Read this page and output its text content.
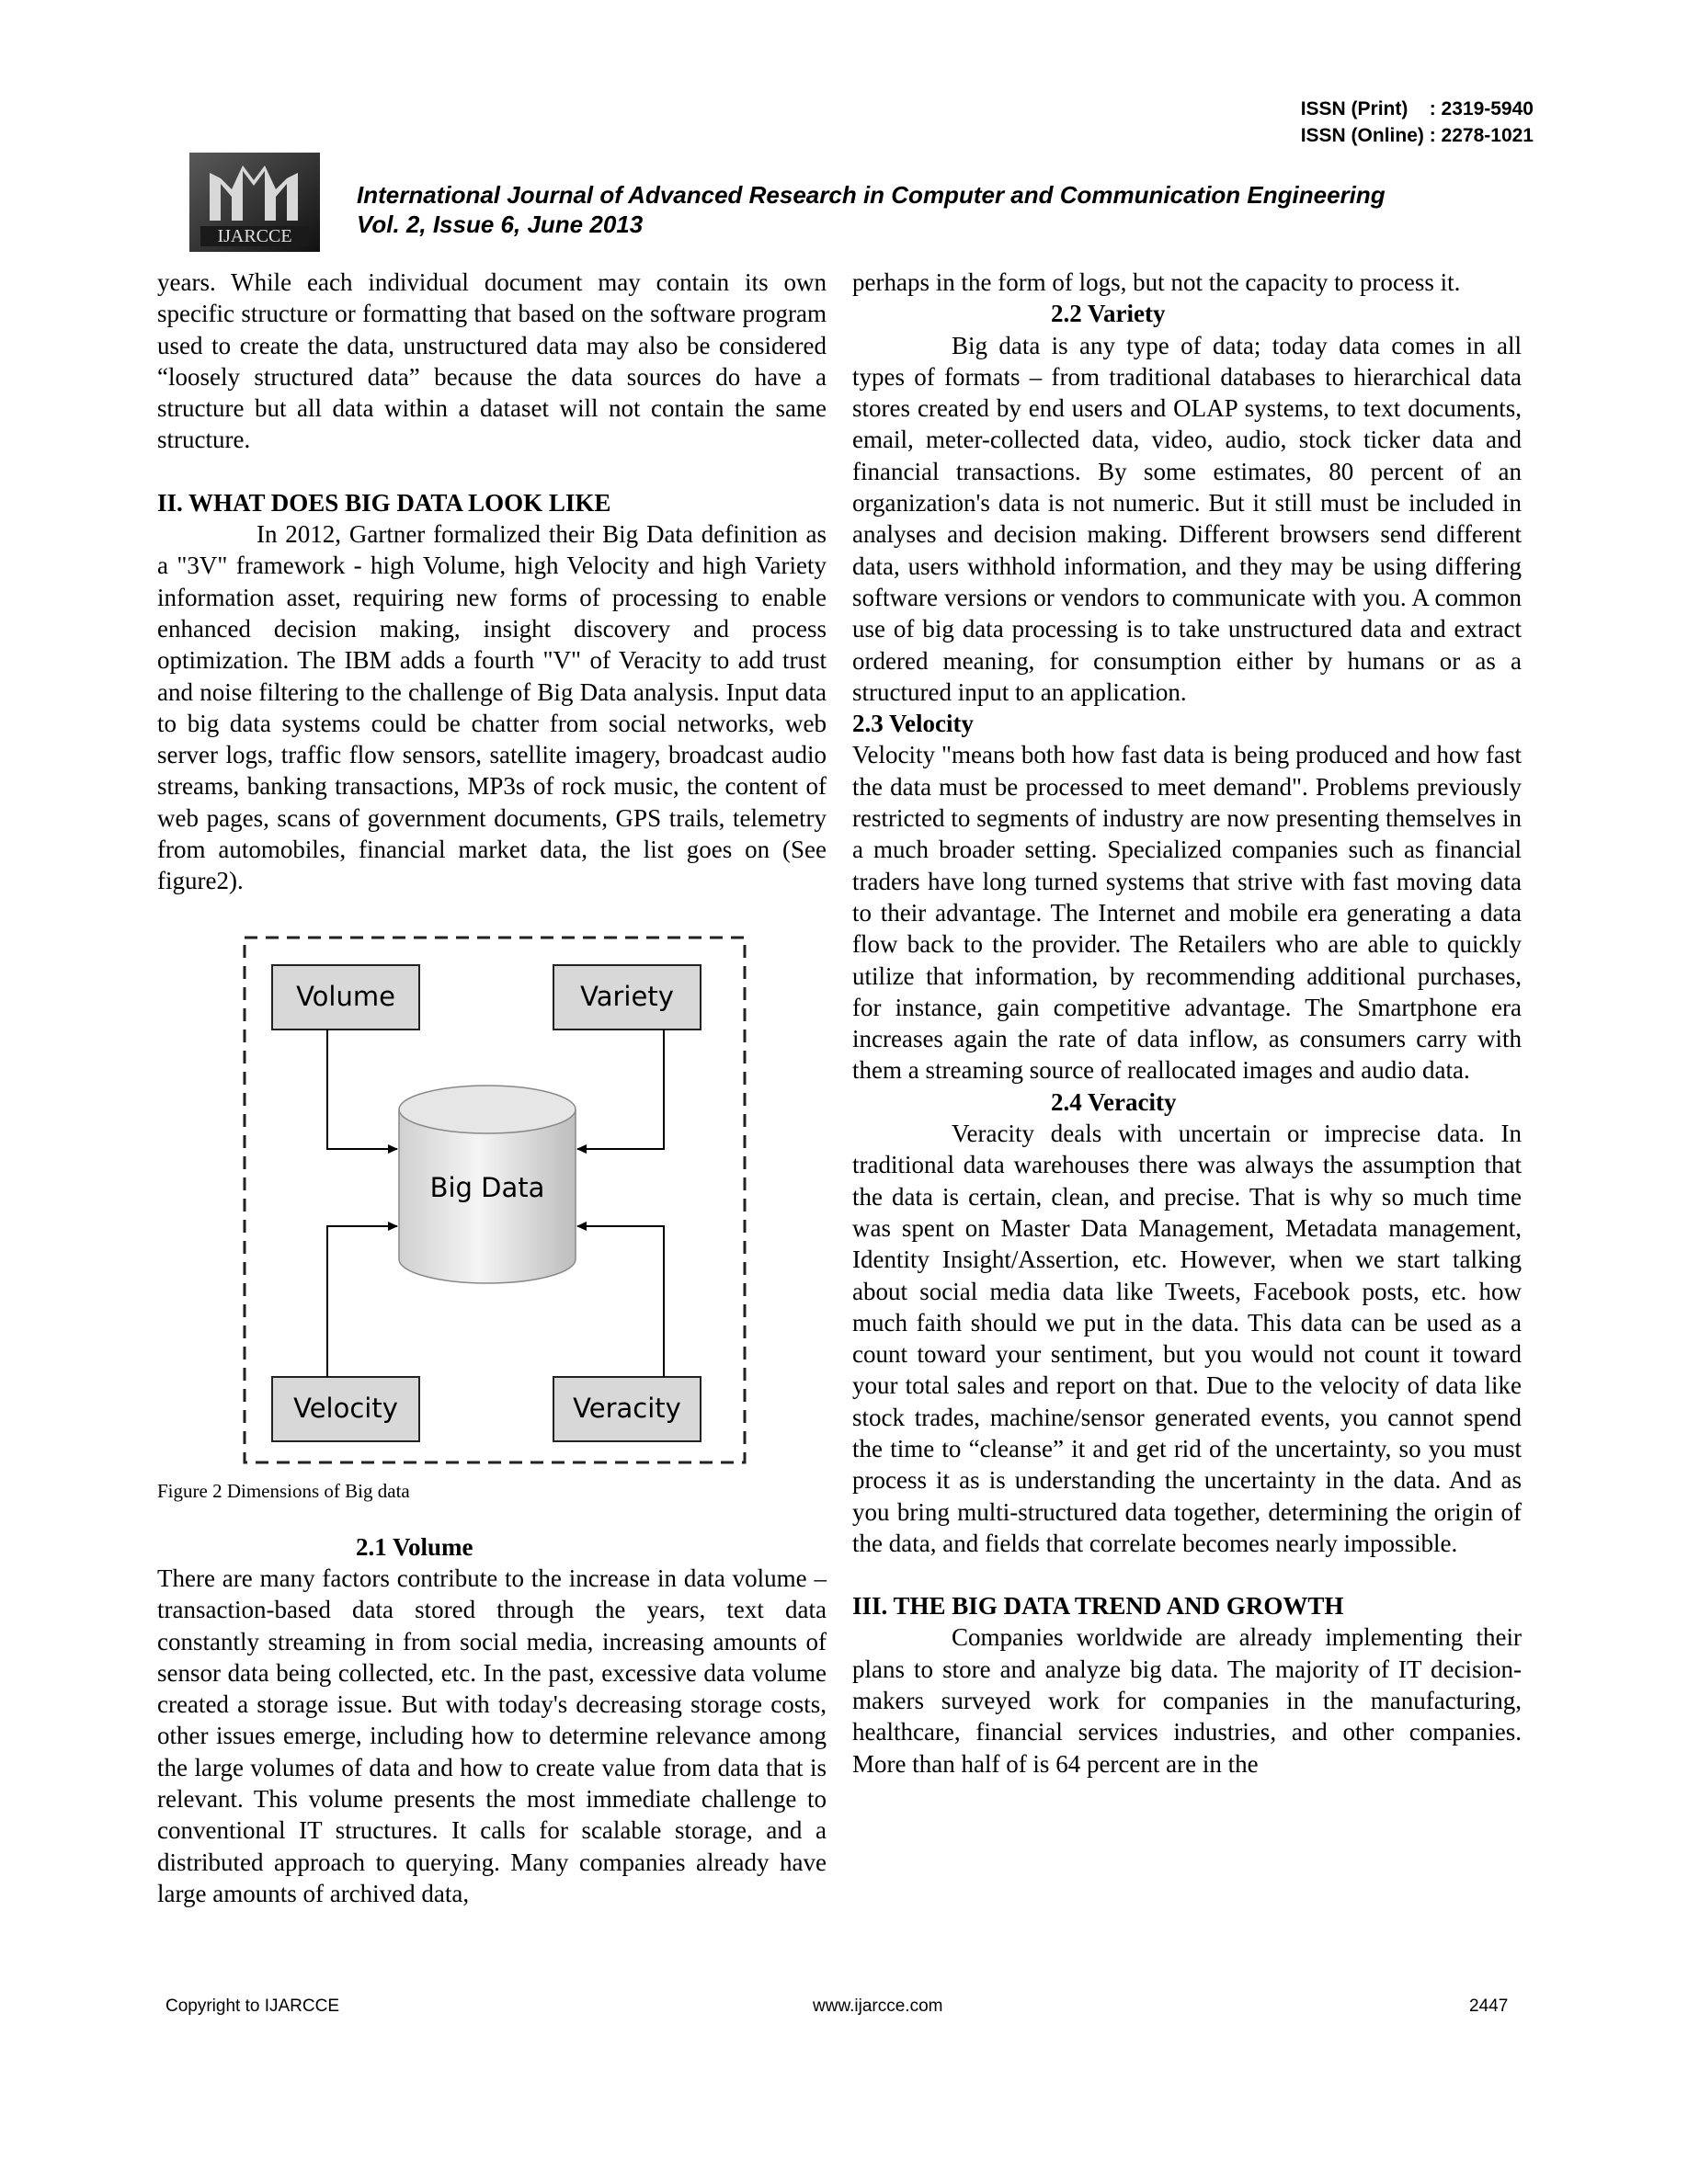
ISSN (Print) : 2319-5940
ISSN (Online) : 2278-1021
IJARCCE
International Journal of Advanced Research in Computer and Communication Engineering
Vol. 2, Issue 6, June 2013

years. While each individual document may contain its own specific structure or formatting that based on the software program used to create the data, unstructured data may also be considered “loosely structured data” because the data sources do have a structure but all data within a dataset will not contain the same structure.

II. WHAT DOES BIG DATA LOOK LIKE

In 2012, Gartner formalized their Big Data definition as a "3V" framework - high Volume, high Velocity and high Variety information asset, requiring new forms of processing to enable enhanced decision making, insight discovery and process optimization. The IBM adds a fourth "V" of Veracity to add trust and noise filtering to the challenge of Big Data analysis. Input data to big data systems could be chatter from social networks, web server logs, traffic flow sensors, satellite imagery, broadcast audio streams, banking transactions, MP3s of rock music, the content of web pages, scans of government documents, GPS trails, telemetry from automobiles, financial market data, the list goes on (See figure2).

Volume	Variety
Velocity	Veracity
Big Data

Figure 2 Dimensions of Big data

2.1 Volume

There are many factors contribute to the increase in data volume – transaction-based data stored through the years, text data constantly streaming in from social media, increasing amounts of sensor data being collected, etc. In the past, excessive data volume created a storage issue. But with today's decreasing storage costs, other issues emerge, including how to determine relevance among the large volumes of data and how to create value from data that is relevant. This volume presents the most immediate challenge to conventional IT structures. It calls for scalable storage, and a distributed approach to querying. Many companies already have large amounts of archived data,

perhaps in the form of logs, but not the capacity to process it.

2.2 Variety

Big data is any type of data; today data comes in all types of formats – from traditional databases to hierarchical data stores created by end users and OLAP systems, to text documents, email, meter-collected data, video, audio, stock ticker data and financial transactions. By some estimates, 80 percent of an organization's data is not numeric. But it still must be included in analyses and decision making. Different browsers send different data, users withhold information, and they may be using differing software versions or vendors to communicate with you. A common use of big data processing is to take unstructured data and extract ordered meaning, for consumption either by humans or as a structured input to an application.

2.3 Velocity

Velocity "means both how fast data is being produced and how fast the data must be processed to meet demand". Problems previously restricted to segments of industry are now presenting themselves in a much broader setting. Specialized companies such as financial traders have long turned systems that strive with fast moving data to their advantage. The Internet and mobile era generating a data flow back to the provider. The Retailers who are able to quickly utilize that information, by recommending additional purchases, for instance, gain competitive advantage. The Smartphone era increases again the rate of data inflow, as consumers carry with them a streaming source of reallocated images and audio data.

2.4 Veracity

Veracity deals with uncertain or imprecise data. In traditional data warehouses there was always the assumption that the data is certain, clean, and precise. That is why so much time was spent on Master Data Management, Metadata management, Identity Insight/Assertion, etc. However, when we start talking about social media data like Tweets, Facebook posts, etc. how much faith should we put in the data. This data can be used as a count toward your sentiment, but you would not count it toward your total sales and report on that. Due to the velocity of data like stock trades, machine/sensor generated events, you cannot spend the time to “cleanse” it and get rid of the uncertainty, so you must process it as is understanding the uncertainty in the data. And as you bring multi-structured data together, determining the origin of the data, and fields that correlate becomes nearly impossible.

III. THE BIG DATA TREND AND GROWTH

Companies worldwide are already implementing their plans to store and analyze big data. The majority of IT decision-makers surveyed work for companies in the manufacturing, healthcare, financial services industries, and other companies. More than half of is 64 percent are in the

Copyright to IJARCCE	www.ijarcce.com	2447
